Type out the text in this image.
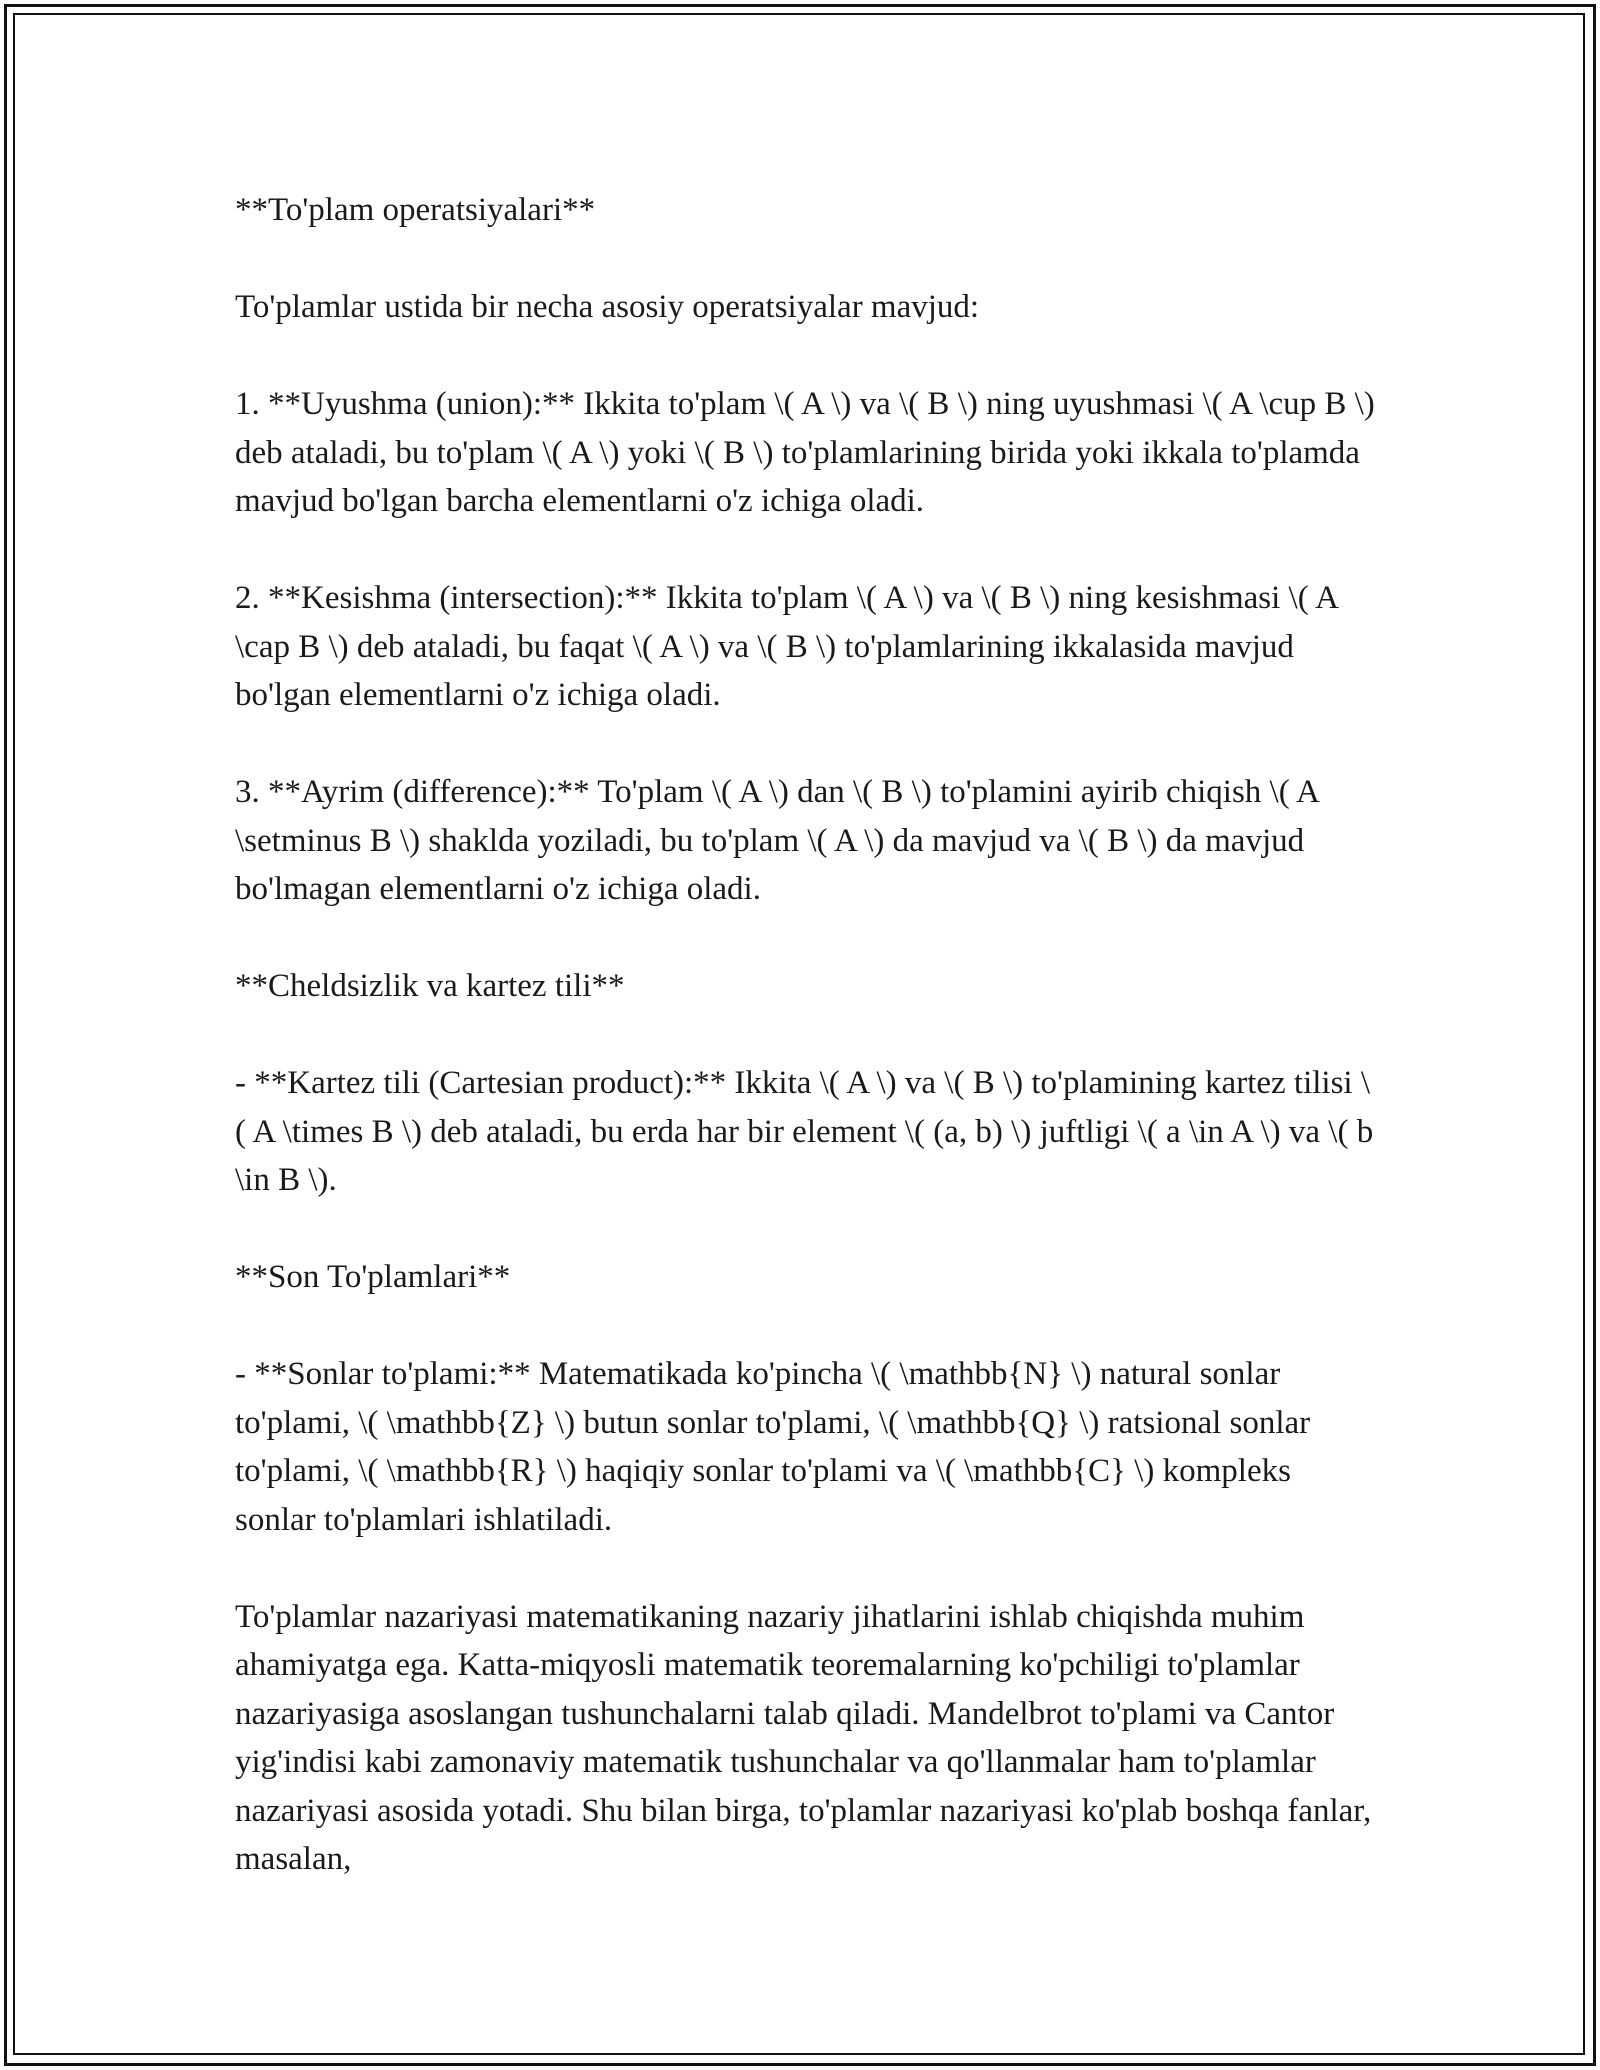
**To'plam operatsiyalari**

To'plamlar ustida bir necha asosiy operatsiyalar mavjud:

1. **Uyushma (union):** Ikkita to'plam \( A \) va \( B \) ning uyushmasi \( A \cup B \) deb ataladi, bu to'plam \( A \) yoki \( B \) to'plamlarining birida yoki ikkala to'plamda mavjud bo'lgan barcha elementlarni o'z ichiga oladi.

2. **Kesishma (intersection):** Ikkita to'plam \( A \) va \( B \) ning kesishmasi \( A \cap B \) deb ataladi, bu faqat \( A \) va \( B \) to'plamlarining ikkalasida mavjud bo'lgan elementlarni o'z ichiga oladi.

3. **Ayrim (difference):** To'plam \( A \) dan \( B \) to'plamini ayirib chiqish \( A \setminus B \) shaklda yoziladi, bu to'plam \( A \) da mavjud va \( B \) da mavjud bo'lmagan elementlarni o'z ichiga oladi.

**Cheldsizlik va kartez tili**

- **Kartez tili (Cartesian product):** Ikkita \( A \) va \( B \) to'plamining kartez tilisi \( A \times B \) deb ataladi, bu erda har bir element \( (a, b) \) juftligi \( a \in A \) va \( b \in B \).

**Son To'plamlari**

- **Sonlar to'plami:** Matematikada ko'pincha \( \mathbb{N} \) natural sonlar to'plami, \( \mathbb{Z} \) butun sonlar to'plami, \( \mathbb{Q} \) ratsional sonlar to'plami, \( \mathbb{R} \) haqiqiy sonlar to'plami va \( \mathbb{C} \) kompleks sonlar to'plamlari ishlatiladi.

To'plamlar nazariyasi matematikaning nazariy jihatlarini ishlab chiqishda muhim ahamiyatga ega. Katta-miqyosli matematik teoremalarning ko'pchiligi to'plamlar nazariyasiga asoslangan tushunchalarni talab qiladi. Mandelbrot to'plami va Cantor yig'indisi kabi zamonaviy matematik tushunchalar va qo'llanmalar ham to'plamlar nazariyasi asosida yotadi. Shu bilan birga, to'plamlar nazariyasi ko'plab boshqa fanlar, masalan,
